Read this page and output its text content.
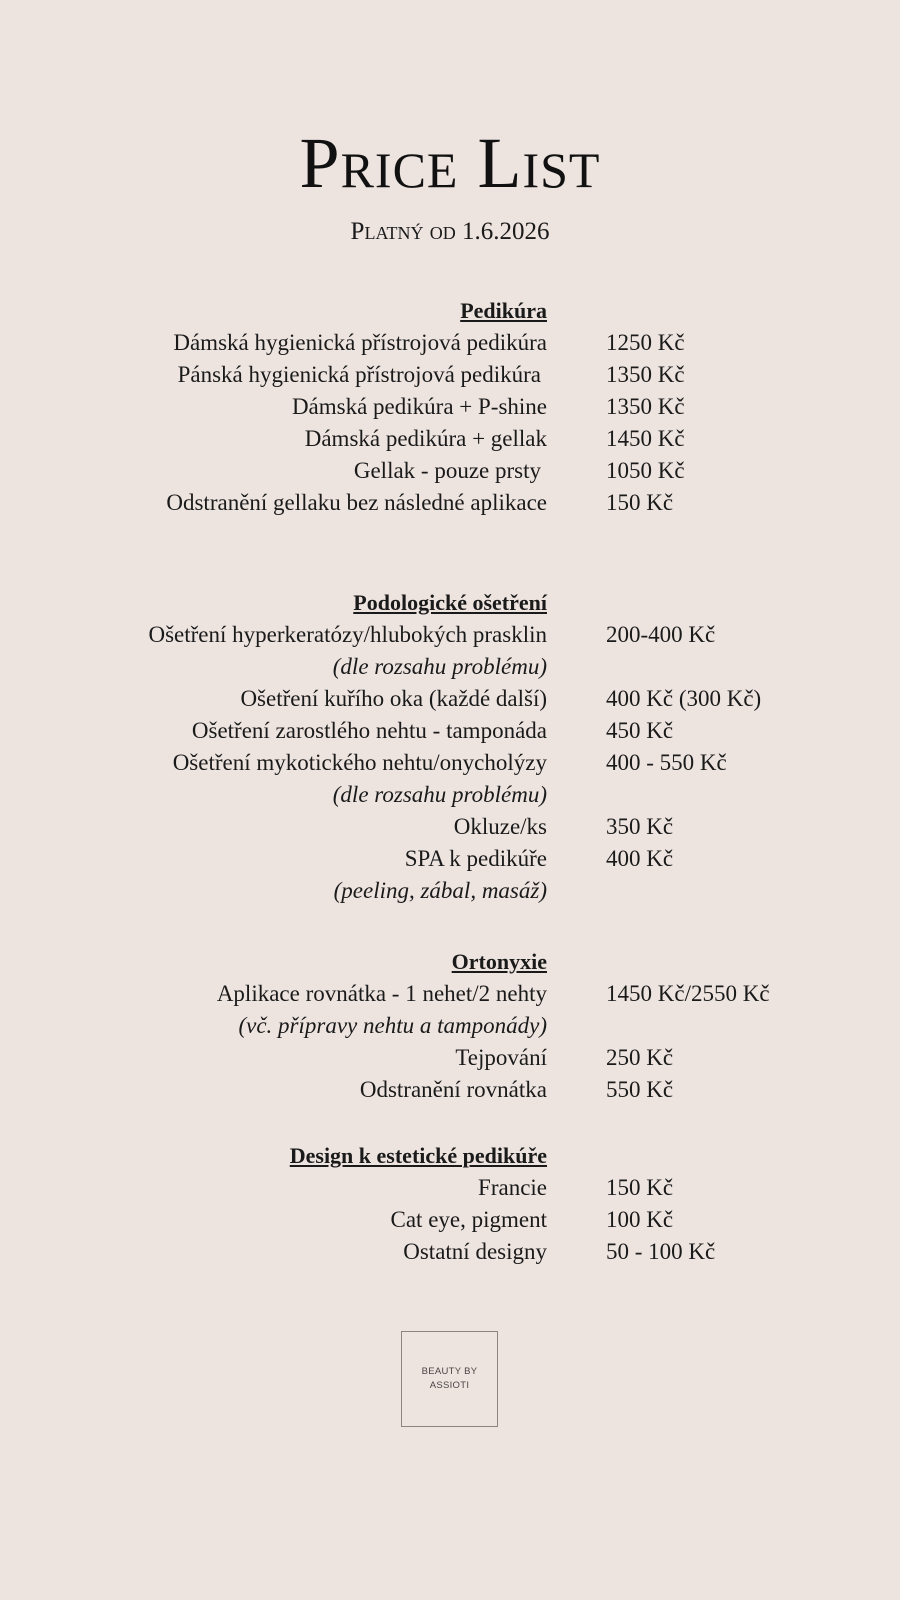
Price List
Platný od 1.6.2026
Pedikúra
Dámská hygienická přístrojová pedikúra	1250 Kč
Pánská hygienická přístrojová pedikúra	1350 Kč
Dámská pedikúra + P-shine	1350 Kč
Dámská pedikúra + gellak	1450 Kč
Gellak - pouze prsty	1050 Kč
Odstranění gellaku bez následné aplikace	150 Kč
Podologické ošetření
Ošetření hyperkeratózy/hlubokých prasklin	200-400 Kč
(dle rozsahu problému)
Ošetření kuřího oka (každé další)	400 Kč (300 Kč)
Ošetření zarostlého nehtu - tamponáda	450 Kč
Ošetření mykotického nehtu/onycholýzy	400 - 550 Kč
(dle rozsahu problému)
Okluze/ks	350 Kč
SPA k pedikúře	400 Kč
(peeling, zábal, masáž)
Ortonyxie
Aplikace rovnátka - 1 nehet/2 nehty	1450 Kč/2550 Kč
(vč. přípravy nehtu a tamponády)
Tejpování	250 Kč
Odstranění rovnátka	550 Kč
Design k estetické pedikúře
Francie	150 Kč
Cat eye, pigment	100 Kč
Ostatní designy	50 - 100 Kč
BEAUTY BY
ASSIOTI
